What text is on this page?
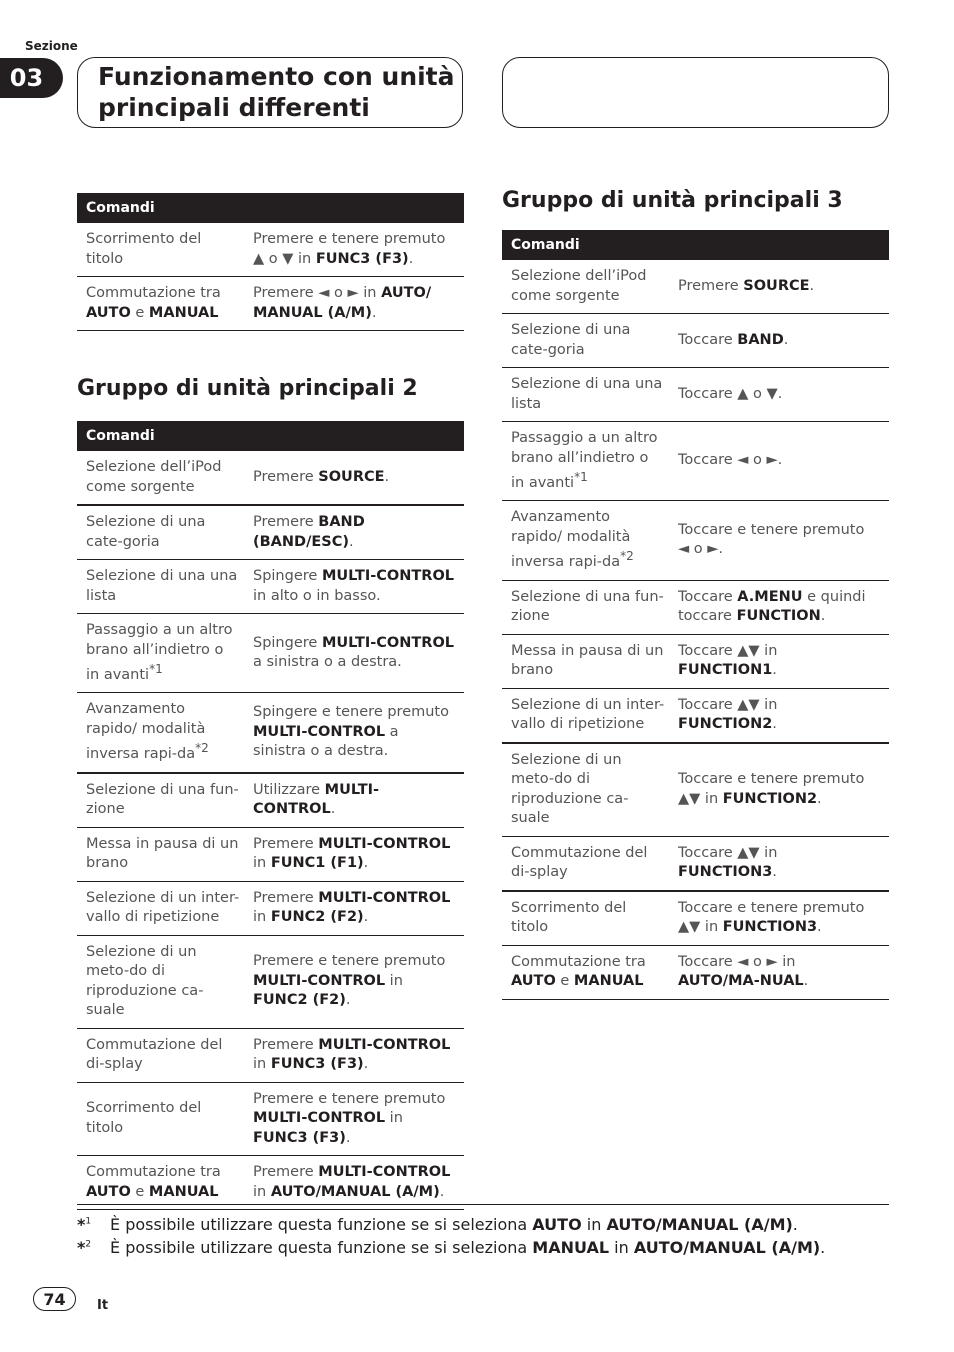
Sezione
03	Funzionamento con unità
principali differenti
Comandi	
Scorrimento del titolo	Premere e tenere premuto ▲ o ▼ in FUNC3 (F3).
Commutazione tra AUTO e MANUAL	Premere ◄ o ► in AUTO/ MANUAL (A/M).
Gruppo di unità principali 2
Comandi	
Selezione dell’iPod come sorgente	Premere SOURCE.
Selezione di una cate-goria	Premere BAND (BAND/ESC).
Selezione di una una lista	Spingere MULTI-CONTROL in alto o in basso.
Passaggio a un altro brano all’indietro o in avanti$^{*1}$	Spingere MULTI-CONTROL a sinistra o a destra.
Avanzamento rapido/ modalità inversa rapi-$da^{*2}$	Spingere e tenere premuto MULTI-CONTROL a sinistra o a destra.
Selezione di una fun-zione	Utilizzare MULTI-CONTROL.
Messa in pausa di un brano	Premere MULTI-CONTROL in FUNC1 (F1).
Selezione di un inter-vallo di ripetizione	Premere MULTI-CONTROL in FUNC2 (F2).
Selezione di un meto-do di riproduzione ca-suale	Premere e tenere premuto MULTI-CONTROL in FUNC2 (F2).
Commutazione del di-splay	Premere MULTI-CONTROL in FUNC3 (F3).
Scorrimento del titolo	Premere e tenere premuto MULTI-CONTROL in FUNC3 (F3).
Commutazione tra AUTO e MANUAL	Premere MULTI-CONTROL in AUTO/MANUAL (A/M).
Gruppo di unità principali 3
Comandi	
Selezione dell’iPod come sorgente	Premere SOURCE.
Selezione di una cate-goria	Toccare BAND.
Selezione di una una lista	Toccare ▲ o ▼.
Passaggio a un altro brano all’indietro o in avanti$^{*1}$	Toccare ◄ o ►.
Avanzamento rapido/ modalità inversa rapi-$da^{*2}$	Toccare e tenere premuto ◄ o ►.
Selezione di una fun-zione	Toccare A.MENU e quindi toccare FUNCTION.
Messa in pausa di un brano	Toccare ▲▼ in FUNCTION1.
Selezione di un inter-vallo di ripetizione	Toccare ▲▼ in FUNCTION2.
Selezione di un meto-do di riproduzione ca-suale	Toccare e tenere premuto ▲▼ in FUNCTION2.
Commutazione del di-splay	Toccare ▲▼ in FUNCTION3.
Scorrimento del titolo	Toccare e tenere premuto ▲▼ in FUNCTION3.
Commutazione tra AUTO e MANUAL	Toccare ◄ o ► in AUTO/MA-NUAL.
*$^1$ È possibile utilizzare questa funzione se si seleziona AUTO in AUTO/MANUAL (A/M).
*$^2$ È possibile utilizzare questa funzione se si seleziona MANUAL in AUTO/MANUAL (A/M).
74	It
